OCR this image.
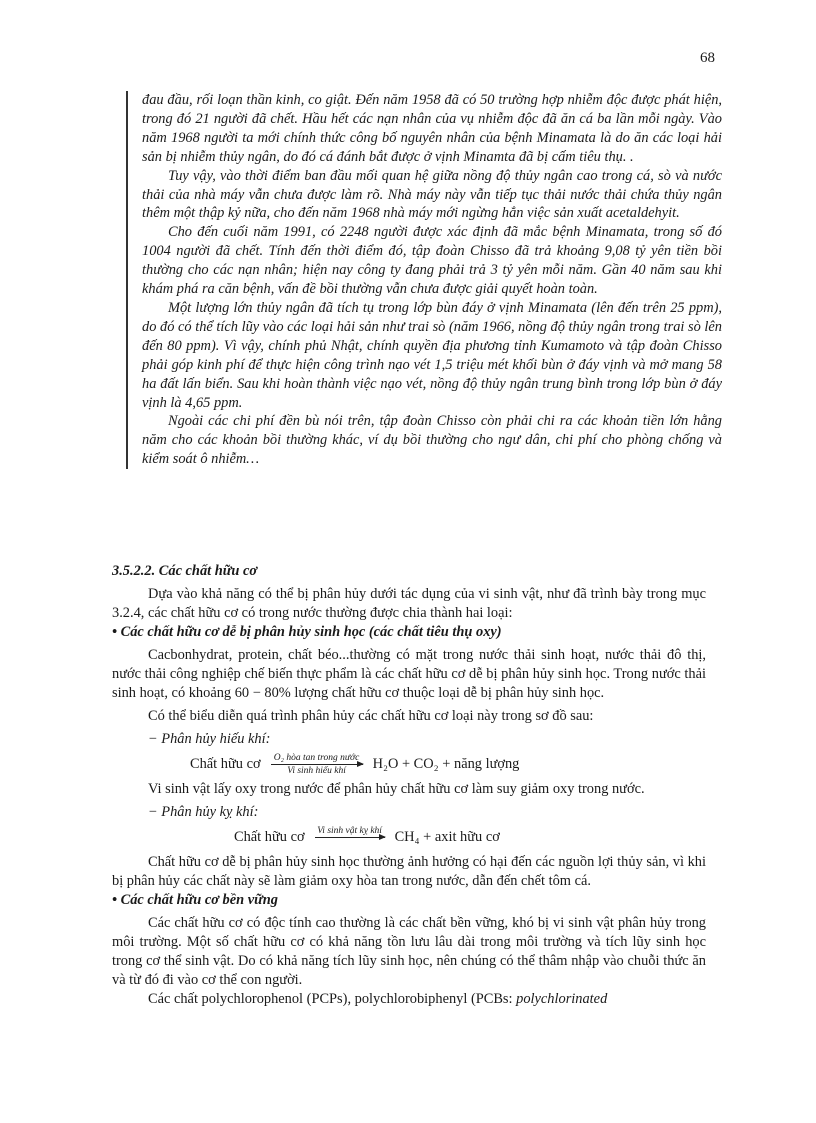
68

đau đầu, rối loạn thần kinh, co giật. Đến năm 1958 đã có 50 trường hợp nhiễm độc được phát hiện, trong đó 21 người đã chết. Hầu hết các nạn nhân của vụ nhiễm độc đã ăn cá ba lần mỗi ngày. Vào năm 1968 người ta mới chính thức công bố nguyên nhân của bệnh Minamata là do ăn các loại hải sản bị nhiễm thủy ngân, do đó cá đánh bắt được ở vịnh Minamta đã bị cấm tiêu thụ. .

Tuy vậy, vào thời điểm ban đầu mối quan hệ giữa nồng độ thủy ngân cao trong cá, sò và nước thải của nhà máy vẫn chưa được làm rõ. Nhà máy này vẫn tiếp tục thải nước thải chứa thủy ngân thêm một thập kỷ nữa, cho đến năm 1968 nhà máy mới ngừng hẳn việc sản xuất acetaldehyit.

Cho đến cuối năm 1991, có 2248 người được xác định đã mắc bệnh Minamata, trong số đó 1004 người đã chết. Tính đến thời điểm đó, tập đoàn Chisso đã trả khoảng 9,08 tỷ yên tiền bồi thường cho các nạn nhân; hiện nay công ty đang phải trả 3 tỷ yên mỗi năm. Gần 40 năm sau khi khám phá ra căn bệnh, vấn đề bồi thường vẫn chưa được giải quyết hoàn toàn.

Một lượng lớn thủy ngân đã tích tụ trong lớp bùn đáy ở vịnh Minamata (lên đến trên 25 ppm), do đó có thể tích lũy vào các loại hải sản như trai sò (năm 1966, nồng độ thủy ngân trong trai sò lên đến 80 ppm). Vì vậy, chính phủ Nhật, chính quyền địa phương tỉnh Kumamoto và tập đoàn Chisso phải góp kinh phí để thực hiện công trình nạo vét 1,5 triệu mét khối bùn ở đáy vịnh và mở mang 58 ha đất lấn biển. Sau khi hoàn thành việc nạo vét, nồng độ thủy ngân trung bình trong lớp bùn ở đáy vịnh là 4,65 ppm.

Ngoài các chi phí đền bù nói trên, tập đoàn Chisso còn phải chi ra các khoản tiền lớn hằng năm cho các khoản bồi thường khác, ví dụ bồi thường cho ngư dân, chi phí cho phòng chống và kiểm soát ô nhiễm…

3.5.2.2. Các chất hữu cơ

Dựa vào khả năng có thể bị phân hủy dưới tác dụng của vi sinh vật, như đã trình bày trong mục 3.2.4, các chất hữu cơ có trong nước thường được chia thành hai loại:

• Các chất hữu cơ dễ bị phân hủy sinh học (các chất tiêu thụ oxy)

Cacbonhydrat, protein, chất béo...thường có mặt trong nước thải sinh hoạt, nước thải đô thị, nước thải công nghiệp chế biến thực phẩm là các chất hữu cơ dễ bị phân hủy sinh học. Trong nước thải sinh hoạt, có khoảng 60 − 80% lượng chất hữu cơ thuộc loại dễ bị phân hủy sinh học.

Có thể biểu diễn quá trình phân hủy các chất hữu cơ loại này trong sơ đồ sau:

− Phân hủy hiếu khí:

Chất hữu cơ O₂ hòa tan trong nước
Vi sinh hiếu khí H₂O + CO₂ + năng lượng

Vi sinh vật lấy oxy trong nước để phân hủy chất hữu cơ làm suy giảm oxy trong nước.

− Phân hủy kỵ khí:

Chất hữu cơ Vi sinh vật kỵ khí CH₄ + axit hữu cơ

Chất hữu cơ dễ bị phân hủy sinh học thường ảnh hưởng có hại đến các nguồn lợi thủy sản, vì khi bị phân hủy các chất này sẽ làm giảm oxy hòa tan trong nước, dẫn đến chết tôm cá.

• Các chất hữu cơ bền vững

Các chất hữu cơ có độc tính cao thường là các chất bền vững, khó bị vi sinh vật phân hủy trong môi trường. Một số chất hữu cơ có khả năng tồn lưu lâu dài trong môi trường và tích lũy sinh học trong cơ thể sinh vật. Do có khả năng tích lũy sinh học, nên chúng có thể thâm nhập vào chuỗi thức ăn và từ đó đi vào cơ thể con người.

Các chất polychlorophenol (PCPs), polychlorobiphenyl (PCBs: polychlorinated
